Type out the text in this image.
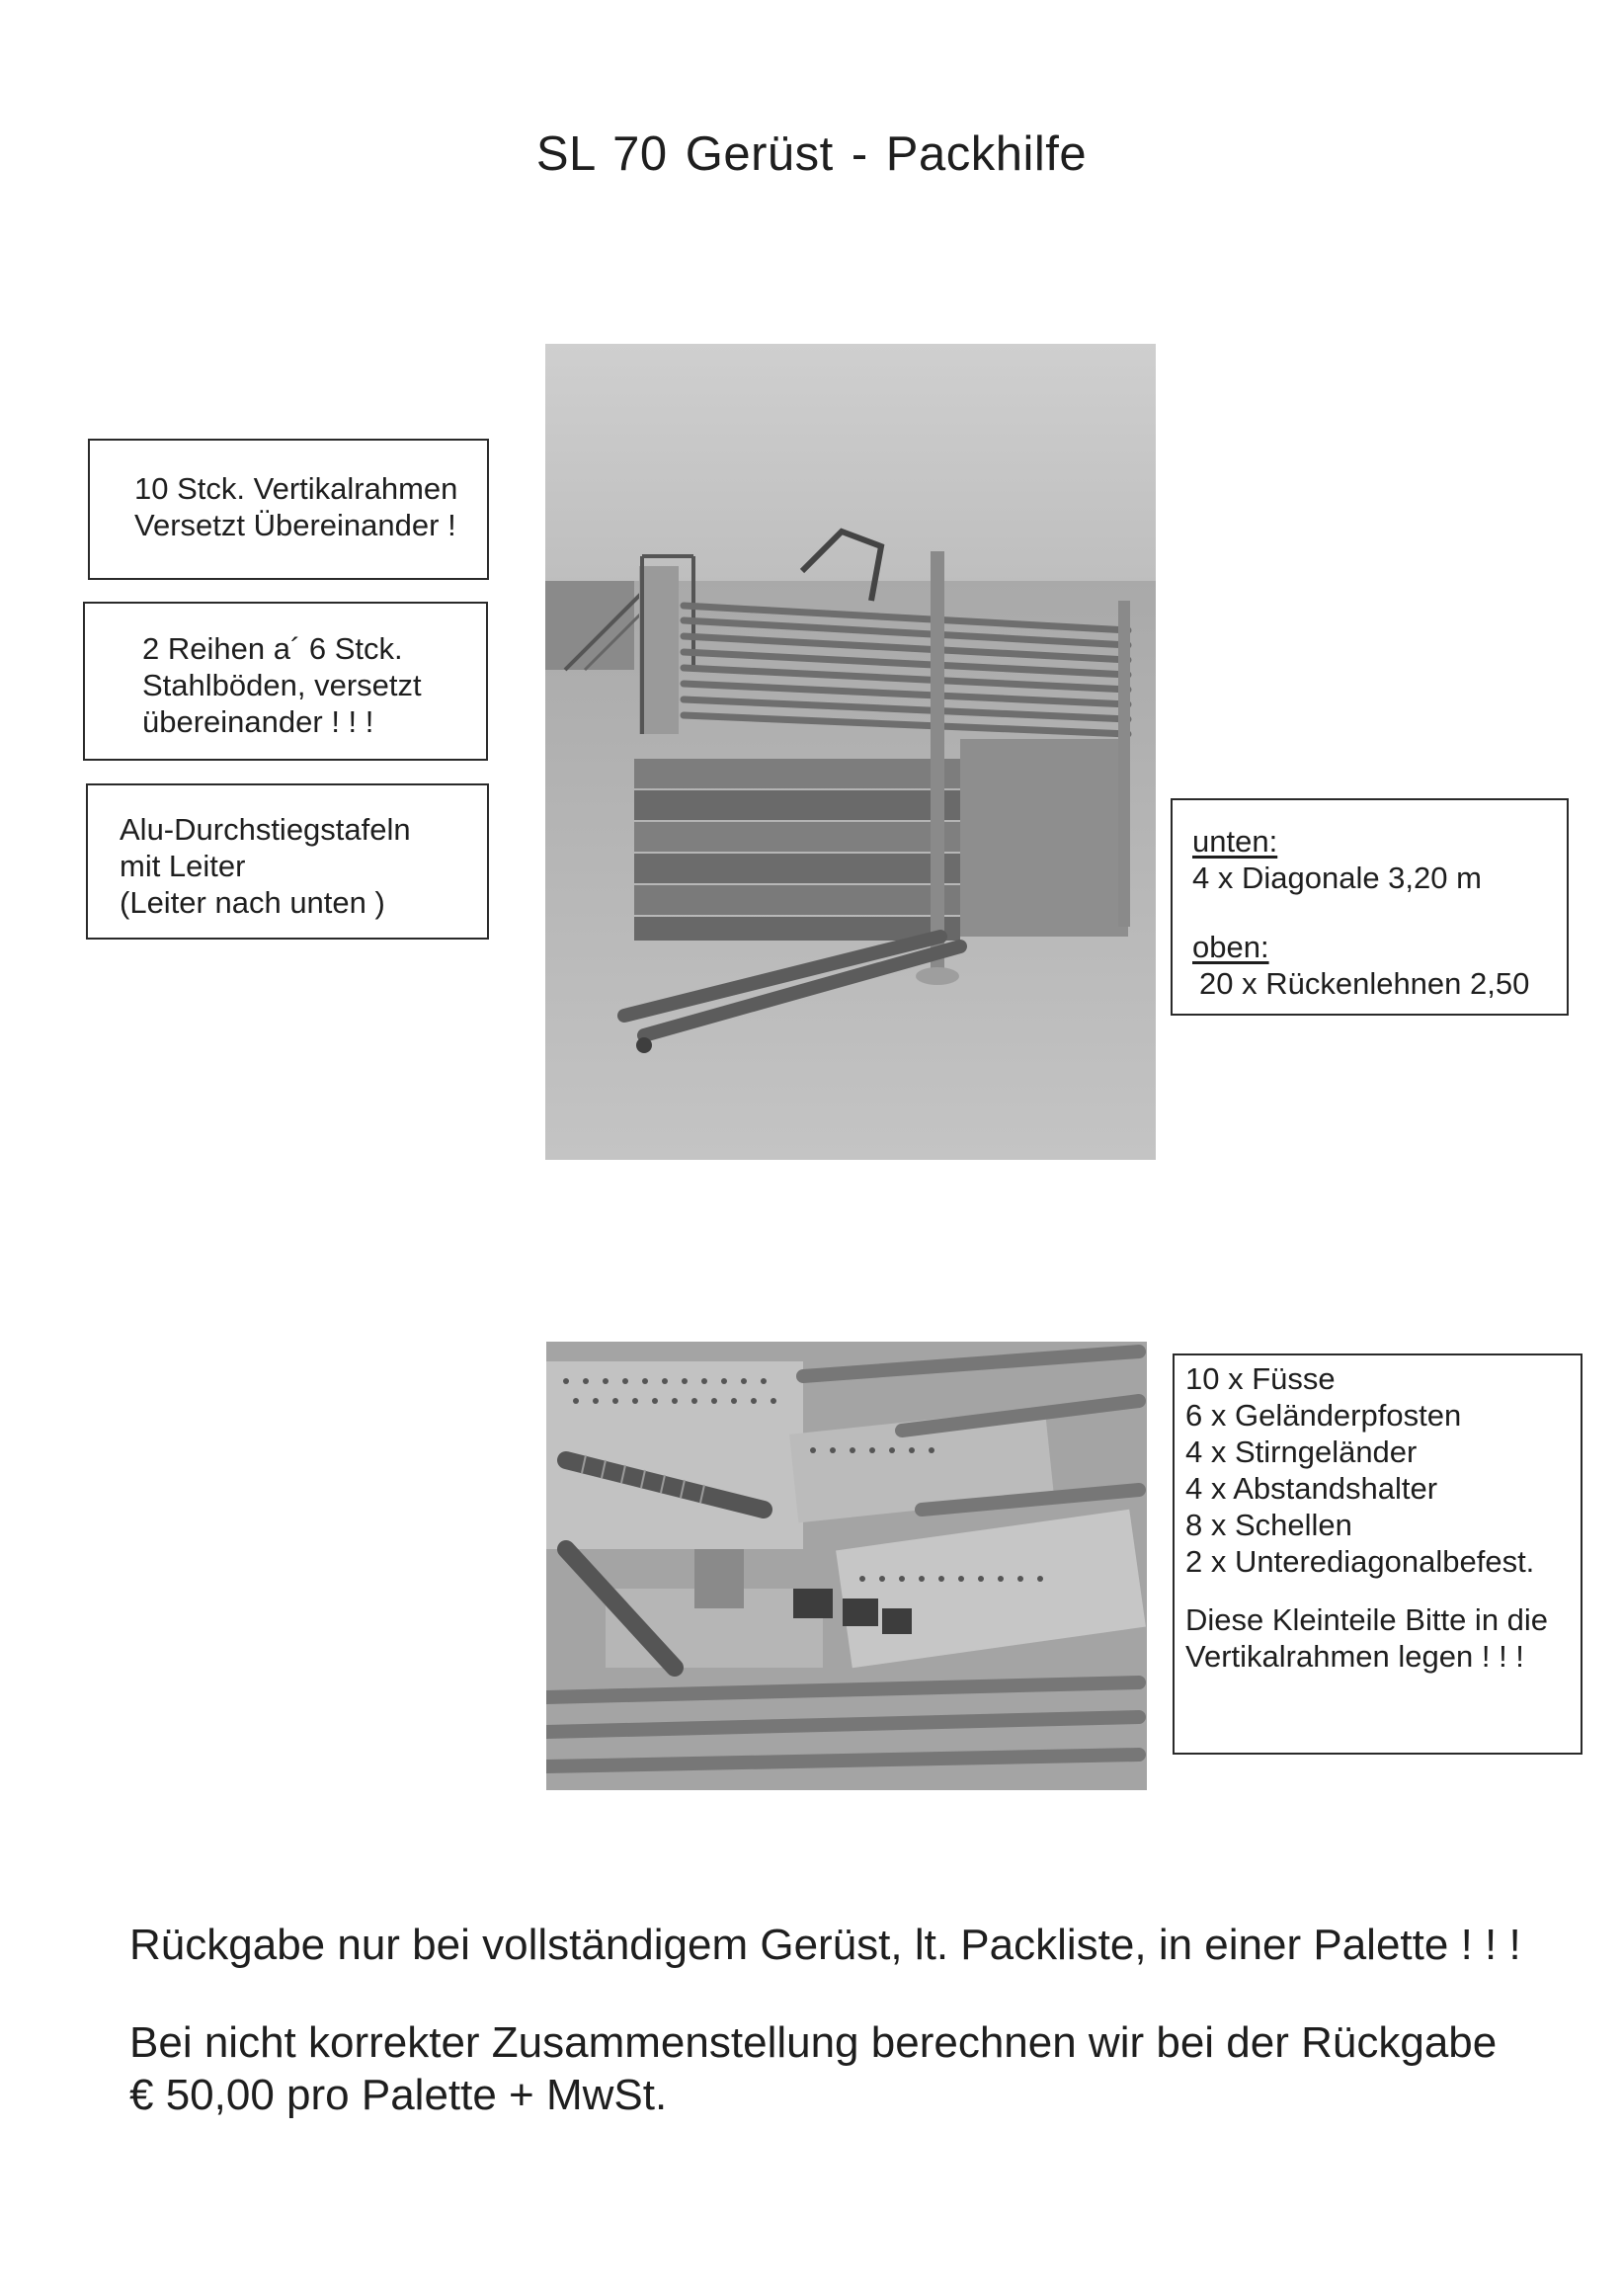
SL 70 Gerüst - Packhilfe
10 Stck. Vertikalrahmen
Versetzt Übereinander !
2 Reihen a´ 6 Stck.
Stahlböden, versetzt
übereinander ! ! !
Alu-Durchstiegstafeln
mit Leiter
(Leiter nach unten )
unten:
4 x Diagonale 3,20 m
oben:
20 x Rückenlehnen 2,50
10 x Füsse
6 x Geländerpfosten
4 x Stirngeländer
4 x Abstandshalter
8 x Schellen
2 x Unterediagonalbefest.
Diese Kleinteile Bitte in die
Vertikalrahmen legen ! ! !
Rückgabe nur bei vollständigem Gerüst, lt. Packliste, in einer Palette ! ! !
Bei nicht korrekter Zusammenstellung berechnen wir bei der Rückgabe
€ 50,00 pro Palette + MwSt.
